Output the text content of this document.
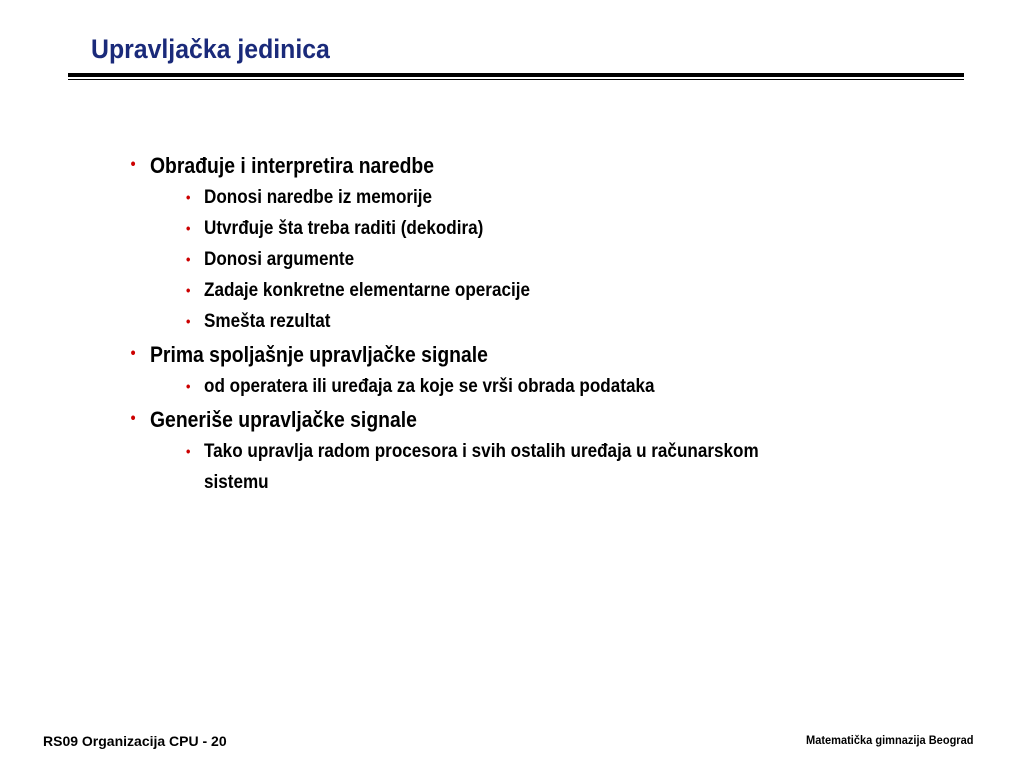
Upravljačka jedinica
• Obrađuje i interpretira naredbe
• Donosi naredbe iz memorije
• Utvrđuje šta treba raditi (dekodira)
• Donosi argumente
• Zadaje konkretne elementarne operacije
• Smešta rezultat
• Prima spoljašnje upravljačke signale
• od operatera ili uređaja za koje se vrši obrada podataka
• Generiše upravljačke signale
• Tako upravlja radom procesora i svih ostalih uređaja u računarskom
sistemu
RS09 Organizacija CPU - 20	Matematička gimnazija Beograd
